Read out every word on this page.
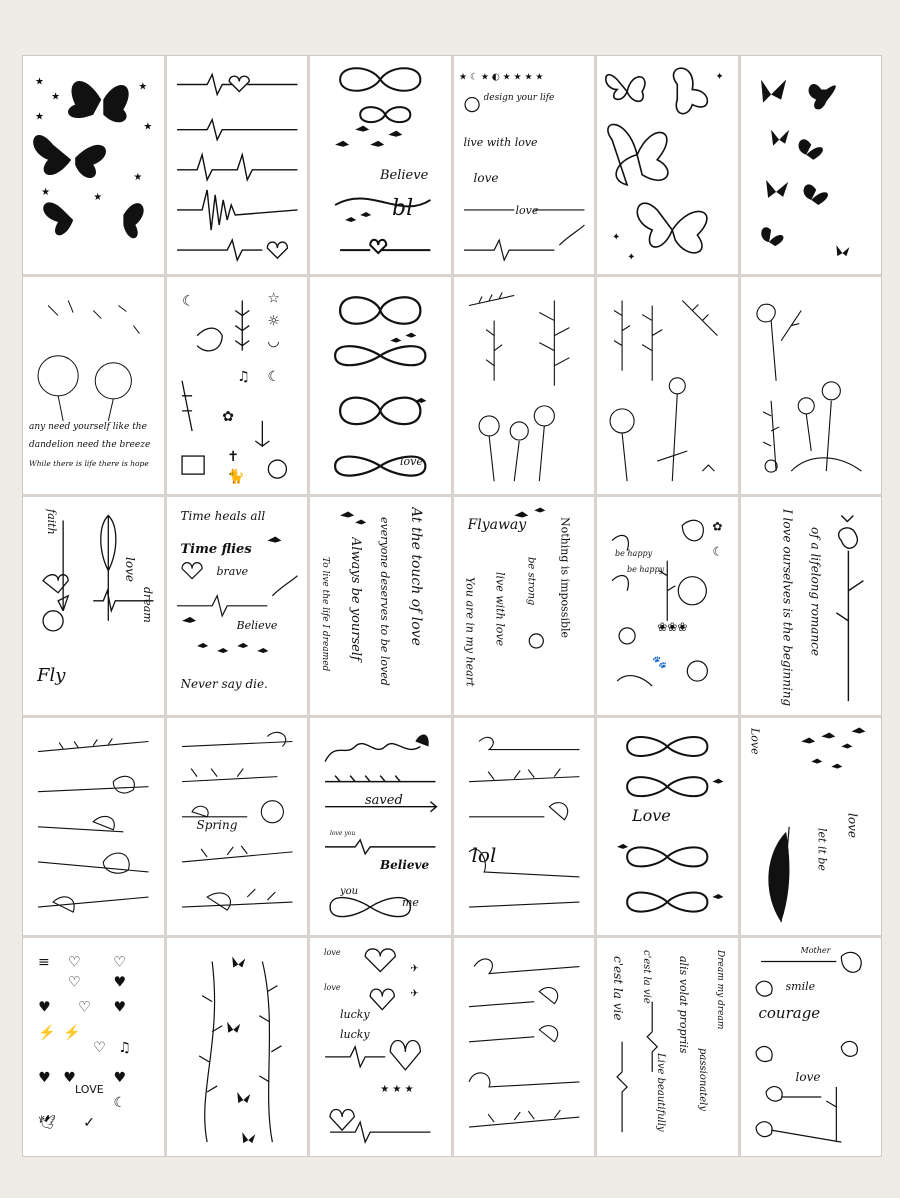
★
★
★
★
★
★
★
★
Believe
bl
★ ☾ ★ ◐ ★ ★ ★ ★
design your life
live with love
love
love
✦
✦
✦
any need yourself like the
dandelion need the breeze
While there is life there is hope
☾	☆
☼
◡
♫ ☾
✿
✝
🐈
love
faith
love
dream
Fly
Time heals all
Time flies
brave
Believe
Never say die.
To live the life I dreamed Always be yourself everyone deserves to be loved At the touch of love	Flyaway
You are in my heart live with love be strong Nothing is impossible	✿
☾
❀❀❀
🐾
be happy
be happy	I love ourselves is the beginning of a lifelong romance
Spring
saved
love you
Believe
you
me
lol
Love
Love
let it be
love
≡ ♡ ♡
♡ ♥
♥ ♡ ♥
⚡ ⚡
♡ ♫
♥ ♥	♥
☾
🕊 ✓
LOVE
✈
✈
★ ★ ★
love
love
lucky
lucky
c'est la vie c'est la vie
Live beautifully
alis volat propriis
passionately
Dream my dream	Mother
smile
courage
love
